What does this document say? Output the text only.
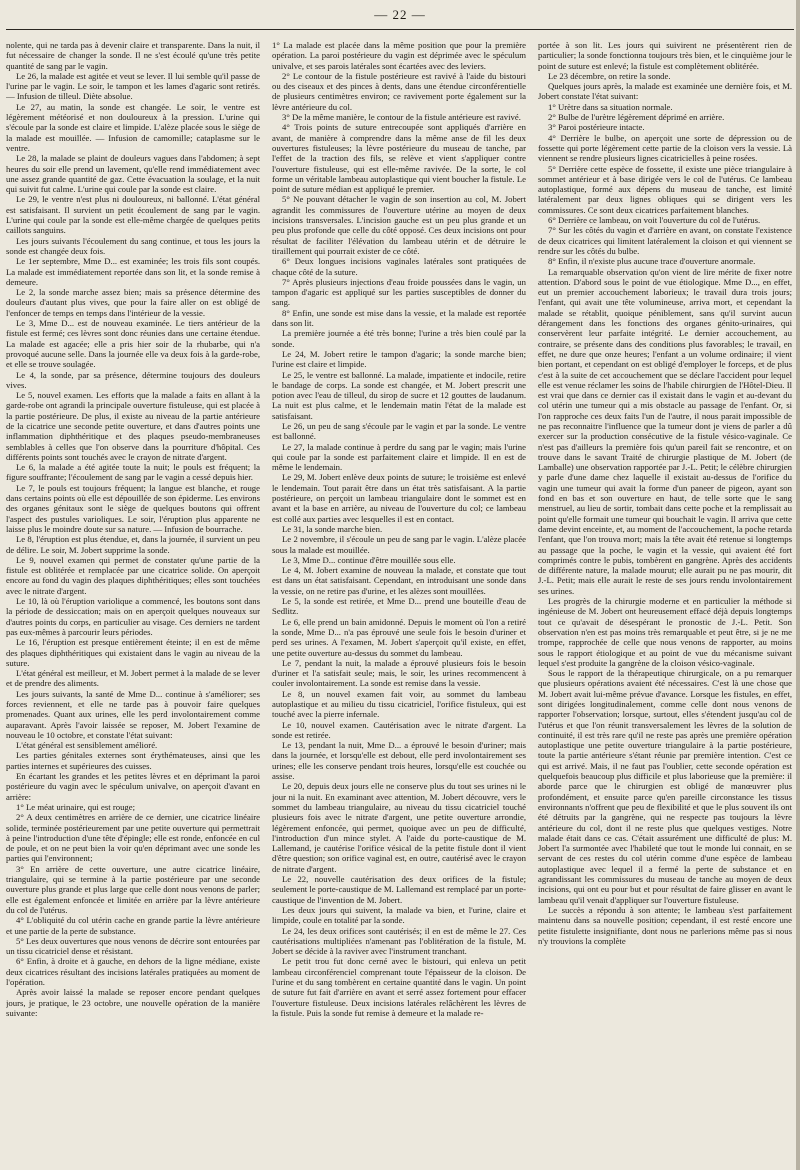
— 22 —

nolente, qui ne tarda pas à devenir claire et transparente. Dans la nuit, il fut nécessaire de changer la sonde. Il ne s'est écoulé qu'une très petite quantité de sang par le vagin.

Le 26, la malade est agitée et veut se lever. Il lui semble qu'il passe de l'urine par le vagin. Le soir, le tampon et les lames d'agaric sont retirés. — Infusion de tilleul. Diète absolue.

Le 27, au matin, la sonde est changée. Le soir, le ventre est légèrement météorisé et non douloureux à la pression. L'urine qui s'écoule par la sonde est claire et limpide. L'alèze placée sous le siège de la malade est mouillée. — Infusion de camomille; cataplasme sur le ventre.

Le 28, la malade se plaint de douleurs vagues dans l'abdomen; à sept heures du soir elle prend un lavement, qu'elle rend immédiatement avec une assez grande quantité de gaz. Cette évacuation la soulage, et la nuit qui suivit fut calme. L'urine qui coule par la sonde est claire.

Le 29, le ventre n'est plus ni douloureux, ni ballonné. L'état général est satisfaisant. Il survient un petit écoulement de sang par le vagin. L'urine qui coule par la sonde est elle-même chargée de quelques petits caillots sanguins.

Les jours suivants l'écoulement du sang continue, et tous les jours la sonde est changée deux fois.

Le 1er septembre, Mme D... est examinée; les trois fils sont coupés. La malade est immédiatement reportée dans son lit, et la sonde remise à demeure.

Le 2, la sonde marche assez bien; mais sa présence détermine des douleurs d'autant plus vives, que pour la faire aller on est obligé de l'enfoncer de temps en temps dans l'intérieur de la vessie.

Le 3, Mme D... est de nouveau examinée. Le tiers antérieur de la fistule est fermé; ces lèvres sont donc réunies dans une certaine étendue. La malade est agacée; elle a pris hier soir de la rhubarbe, qui n'a provoqué aucune selle. Dans la journée elle va deux fois à la garde-robe, et elle se trouve soulagée.

Le 4, la sonde, par sa présence, détermine toujours des douleurs vives.

Le 5, nouvel examen. Les efforts que la malade a faits en allant à la garde-robe ont agrandi la principale ouverture fistuleuse, qui est placée à la partie postérieure. De plus, il existe au niveau de la partie antérieure de la cicatrice une seconde petite ouverture, et dans d'autres points une inflammation diphthéritique et des plaques pseudo-membraneuses semblables à celles que l'on observe dans la pourriture d'hôpital. Ces différents points sont touchés avec le crayon de nitrate d'argent.

Le 6, la malade a été agitée toute la nuit; le pouls est fréquent; la figure souffrante; l'écoulement de sang par le vagin a cessé depuis hier.

Le 7, le pouls est toujours fréquent; la langue est blanche, et rouge dans certains points où elle est dépouillée de son épiderme. Les environs des organes génitaux sont le siège de quelques boutons qui offrent l'aspect des pustules varioliques. Le soir, l'éruption plus apparente ne laisse plus le moindre doute sur sa nature. — Infusion de bourrache.

Le 8, l'éruption est plus étendue, et, dans la journée, il survient un peu de délire. Le soir, M. Jobert supprime la sonde.

Le 9, nouvel examen qui permet de constater qu'une partie de la fistule est oblitérée et remplacée par une cicatrice solide. On aperçoit encore au fond du vagin des plaques diphthéritiques; elles sont touchées avec le nitrate d'argent.

Le 10, là où l'éruption variolique a commencé, les boutons sont dans la période de dessiccation; mais on en aperçoit quelques nouveaux sur d'autres points du corps, en particulier au visage. Ces derniers ne tardent pas eux-mêmes à parcourir leurs périodes.

Le 16, l'éruption est presque entièrement éteinte; il en est de même des plaques diphthéritiques qui existaient dans le vagin au niveau de la suture.

L'état général est meilleur, et M. Jobert permet à la malade de se lever et de prendre des aliments.

Les jours suivants, la santé de Mme D... continue à s'améliorer; ses forces reviennent, et elle ne tarde pas à pouvoir faire quelques promenades. Quant aux urines, elle les perd involontairement comme auparavant. Après l'avoir laissée se reposer, M. Jobert l'examine de nouveau le 10 octobre, et constate l'état suivant:

L'état général est sensiblement amélioré.

Les parties génitales externes sont érythémateuses, ainsi que les parties internes et supérieures des cuisses.

En écartant les grandes et les petites lèvres et en déprimant la paroi postérieure du vagin avec le spéculum univalve, on aperçoit d'avant en arrière:

1° Le méat urinaire, qui est rouge;

2° A deux centimètres en arrière de ce dernier, une cicatrice linéaire solide, terminée postérieurement par une petite ouverture qui permettrait à peine l'introduction d'une tête d'épingle; elle est ronde, enfoncée en cul de poule, et on ne peut bien la voir qu'en déprimant avec une sonde les parties qui l'environnent;

3° En arrière de cette ouverture, une autre cicatrice linéaire, triangulaire, qui se termine à la partie postérieure par une seconde ouverture plus grande et plus large que celle dont nous venons de parler; elle est également enfoncée et limitée en arrière par la lèvre antérieure du col de l'utérus.

4° L'obliquité du col utérin cache en grande partie la lèvre antérieure et une partie de la perte de substance.

5° Les deux ouvertures que nous venons de décrire sont entourées par un tissu cicatriciel dense et résistant.

6° Enfin, à droite et à gauche, en dehors de la ligne médiane, existe deux cicatrices résultant des incisions latérales pratiquées au moment de l'opération.

Après avoir laissé la malade se reposer encore pendant quelques jours, je pratique, le 23 octobre, une nouvelle opération de la manière suivante:

1° La malade est placée dans la même position que pour la première opération. La paroi postérieure du vagin est déprimée avec le spéculum univalve, et ses parois latérales sont écartées avec des leviers.

2° Le contour de la fistule postérieure est ravivé à l'aide du bistouri ou des ciseaux et des pinces à dents, dans une étendue circonférentielle de plusieurs centimètres environ; ce ravivement porte également sur la lèvre antérieure du col.

3° De la même manière, le contour de la fistule antérieure est ravivé.

4° Trois points de suture entrecoupée sont appliqués d'arrière en avant, de manière à comprendre dans la même anse de fil les deux ouvertures fistuleuses; la lèvre postérieure du museau de tanche, par l'effet de la traction des fils, se relève et vient s'appliquer contre l'ouverture fistuleuse, qui est elle-même ravivée. De la sorte, le col forme un véritable lambeau autoplastique qui vient boucher la fistule. Le point de suture médian est appliqué le premier.

5° Ne pouvant détacher le vagin de son insertion au col, M. Jobert agrandit les commissures de l'ouverture utérine au moyen de deux incisions transversales. L'incision gauche est un peu plus grande et un peu plus profonde que celle du côté opposé. Ces deux incisions ont pour résultat de faciliter l'élévation du lambeau utérin et de détruire le tiraillement qui pourrait exister de ce côté.

6° Deux longues incisions vaginales latérales sont pratiquées de chaque côté de la suture.

7° Après plusieurs injections d'eau froide poussées dans le vagin, un tampon d'agaric est appliqué sur les parties susceptibles de donner du sang.

8° Enfin, une sonde est mise dans la vessie, et la malade est reportée dans son lit.

La première journée a été très bonne; l'urine a très bien coulé par la sonde.

Le 24, M. Jobert retire le tampon d'agaric; la sonde marche bien; l'urine est claire et limpide.

Le 25, le ventre est ballonné. La malade, impatiente et indocile, retire le bandage de corps. La sonde est changée, et M. Jobert prescrit une potion avec l'eau de tilleul, du sirop de sucre et 12 gouttes de laudanum. La nuit est plus calme, et le lendemain matin l'état de la malade est satisfaisant.

Le 26, un peu de sang s'écoule par le vagin et par la sonde. Le ventre est ballonné.

Le 27, la malade continue à perdre du sang par le vagin; mais l'urine qui coule par la sonde est parfaitement claire et limpide. Il en est de même le lendemain.

Le 29, M. Jobert enlève deux points de suture; le troisième est enlevé le lendemain. Tout parait être dans un état très satisfaisant. A la partie postérieure, on perçoit un lambeau triangulaire dont le sommet est en avant et la base en arrière, au niveau de l'ouverture du col; ce lambeau est collé aux parties avec lesquelles il est en contact.

Le 31, la sonde marche bien.

Le 2 novembre, il s'écoule un peu de sang par le vagin. L'alèze placée sous la malade est mouillée.

Le 3, Mme D... continue d'être mouillée sous elle.

Le 4, M. Jobert examine de nouveau la malade, et constate que tout est dans un état satisfaisant. Cependant, en introduisant une sonde dans la vessie, on ne retire pas d'urine, et les alèzes sont mouillées.

Le 5, la sonde est retirée, et Mme D... prend une bouteille d'eau de Sedlitz.

Le 6, elle prend un bain amidonné. Depuis le moment où l'on a retiré la sonde, Mme D... n'a pas éprouvé une seule fois le besoin d'uriner et perd ses urines. A l'examen, M. Jobert s'aperçoit qu'il existe, en effet, une petite ouverture au-dessus du sommet du lambeau.

Le 7, pendant la nuit, la malade a éprouvé plusieurs fois le besoin d'uriner et l'a satisfait seule; mais, le soir, les urines recommencent à couler involontairement. La sonde est remise dans la vessie.

Le 8, un nouvel examen fait voir, au sommet du lambeau autoplastique et au milieu du tissu cicatriciel, l'orifice fistuleux, qui est touché avec la pierre infernale.

Le 10, nouvel examen. Cautérisation avec le nitrate d'argent. La sonde est retirée.

Le 13, pendant la nuit, Mme D... a éprouvé le besoin d'uriner; mais dans la journée, et lorsqu'elle est debout, elle perd involontairement ses urines; elle les conserve pendant trois heures, lorsqu'elle est couchée ou assise.

Le 20, depuis deux jours elle ne conserve plus du tout ses urines ni le jour ni la nuit. En examinant avec attention, M. Jobert découvre, vers le sommet du lambeau triangulaire, au niveau du tissu cicatriciel touché plusieurs fois avec le nitrate d'argent, une petite ouverture arrondie, légèrement enfoncée, qui permet, quoique avec un peu de difficulté, l'introduction d'un mince stylet. A l'aide du porte-caustique de M. Lallemand, je cautérise l'orifice vésical de la petite fistule dont il vient d'être question; son orifice vaginal est, en outre, cautérisé avec le crayon de nitrate d'argent.

Le 22, nouvelle cautérisation des deux orifices de la fistule; seulement le porte-caustique de M. Lallemand est remplacé par un porte-caustique de l'invention de M. Jobert.

Les deux jours qui suivent, la malade va bien, et l'urine, claire et limpide, coule en totalité par la sonde.

Le 24, les deux orifices sont cautérisés; il en est de même le 27. Ces cautérisations multipliées n'amenant pas l'oblitération de la fistule, M. Jobert se décide à la raviver avec l'instrument tranchant.

Le petit trou fut donc cerné avec le bistouri, qui enleva un petit lambeau circonférenciel comprenant toute l'épaisseur de la cloison. De l'urine et du sang tombèrent en certaine quantité dans le vagin. Un point de suture fut fait d'arrière en avant et serré assez fortement pour effacer l'ouverture fistuleuse. Deux incisions latérales relâchèrent les lèvres de la fistule. Puis la sonde fut remise à demeure et la malade re-

portée à son lit. Les jours qui suivirent ne présentèrent rien de particulier; la sonde fonctionna toujours très bien, et le cinquième jour le point de suture est enlevé; la fistule est complètement oblitérée.

Le 23 décembre, on retire la sonde.

Quelques jours après, la malade est examinée une dernière fois, et M. Jobert constate l'état suivant:

1° Urètre dans sa situation normale.

2° Bulbe de l'urètre légèrement déprimé en arrière.

3° Paroi postérieure intacte.

4° Derrière le bulbe, on aperçoit une sorte de dépression ou de fossette qui porte légèrement cette partie de la cloison vers la vessie. Là viennent se rendre plusieurs lignes cicatricielles à peine rosées.

5° Derrière cette espèce de fossette, il existe une pièce triangulaire à sommet antérieur et à base dirigée vers le col de l'utérus. Ce lambeau autoplastique, formé aux dépens du museau de tanche, est limité latéralement par deux lignes obliques qui se dirigent vers les commissures. Ce sont deux cicatrices parfaitement blanches.

6° Derrière ce lambeau, on voit l'ouverture du col de l'utérus.

7° Sur les côtés du vagin et d'arrière en avant, on constate l'existence de deux cicatrices qui limitent latéralement la cloison et qui viennent se rendre sur les côtés du bulbe.

8° Enfin, il n'existe plus aucune trace d'ouverture anormale.

La remarquable observation qu'on vient de lire mérite de fixer notre attention. D'abord sous le point de vue étiologique. Mme D..., en effet, eut un premier accouchement laborieux; le travail dura trois jours; l'enfant, qui avait une tête volumineuse, arriva mort, et cependant la malade se rétablit, quoique péniblement, sans qu'il survint aucun dérangement dans les fonctions des organes génito-urinaires, qui conservèrent leur parfaite intégrité. Le dernier accouchement, au contraire, se présente dans des conditions plus favorables; le travail, en effet, ne dure que onze heures; l'enfant a un volume ordinaire; il vient bien portant, et cependant on est obligé d'employer le forceps, et de plus c'est à la suite de cet accouchement que se déclare l'accident pour lequel elle est venue réclamer les soins de l'habile chirurgien de l'Hôtel-Dieu. Il est vrai que dans ce dernier cas il existait dans le vagin et au-devant du col utérin une tumeur qui a mis obstacle au passage de l'enfant. Or, si l'on rapproche ces deux faits l'un de l'autre, il nous parait impossible de ne pas reconnaitre l'influence que la tumeur dont je viens de parler a dû exercer sur la production consécutive de la fistule vésico-vaginale. Ce n'est pas d'ailleurs la première fois qu'un pareil fait se rencontre, et on trouve dans le savant Traité de chirurgie plastique de M. Jobert (de Lamballe) une observation rapportée par J.-L. Petit; le célèbre chirurgien y parle d'une dame chez laquelle il existait au-dessus de l'orifice du vagin une tumeur qui avait la forme d'un paneer de pigeon, ayant son fond en bas et son ouverture en haut, de telle sorte que le sang menstruel, au lieu de sortir, tombait dans cette poche et la remplissait au point qu'elle formait une tumeur qui bouchait le vagin. Il arriva que cette dame devint enceinte, et, au moment de l'accouchement, la poche retarda l'enfant, que l'on trouva mort; mais la tête avait été retenue si longtemps au passage que la poche, le vagin et la vessie, qui avaient été fort comprimés contre le pubis, tombèrent en gangrène. Après des accidents de différente nature, la malade mourut; elle aurait pu ne pas mourir, dit J.-L. Petit; mais elle aurait le reste de ses jours rendu involontairement ses urines.

Les progrès de la chirurgie moderne et en particulier la méthode si ingénieuse de M. Jobert ont heureusement effacé déjà depuis longtemps tout ce qu'avait de désespérant le pronostic de J.-L. Petit. Son observation n'en est pas moins très remarquable et peut être, si je ne me trompe, rapprochée de celle que nous venons de rapporter, au moins sous le rapport étiologique et au point de vue du mécanisme suivant lequel s'est produite la gangrène de la cloison vésico-vaginale.

Sous le rapport de la thérapeutique chirurgicale, on a pu remarquer que plusieurs opérations avaient été nécessaires. C'est là une chose que M. Jobert avait lui-même prévue d'avance. Lorsque les fistules, en effet, sont dirigées longitudinalement, comme celle dont nous venons de rapporter l'observation; lorsque, surtout, elles s'étendent jusqu'au col de l'utérus et que l'on réunit transversalement les lèvres de la solution de continuité, il est très rare qu'il ne reste pas après une première opération autoplastique une petite ouverture triangulaire à la partie postérieure, toute la partie antérieure s'étant réunie par première intention. C'est ce qui est arrivé. Mais, il ne faut pas l'oublier, cette seconde opération est quelquefois beaucoup plus difficile et plus laborieuse que la première: il aborde parce que le chirurgien est obligé de manœuvrer plus profondément, et ensuite parce qu'en pareille circonstance les tissus environnants n'offrent que peu de flexibilité et que le plus souvent ils ont été détruits par la gangrène, qui ne respecte pas toujours la lèvre antérieure du col, dont il ne reste plus que quelques vestiges. Notre malade était dans ce cas. C'était assurément une difficulté de plus: M. Jobert l'a surmontée avec l'habileté que tout le monde lui connait, en se servant de ces restes du col utérin comme d'une espèce de lambeau autoplastique avec lequel il a fermé la perte de substance et en agrandissant les commissures du museau de tanche au moyen de deux incisions, qui ont eu pour but et pour résultat de faire glisser en avant le lambeau qu'il venait d'appliquer sur l'ouverture fistuleuse.

Le succès a répondu à son attente; le lambeau s'est parfaitement maintenu dans sa nouvelle position; cependant, il est resté encore une petite fistulette insignifiante, dont nous ne parlerions même pas si nous n'y trouvions la complète
